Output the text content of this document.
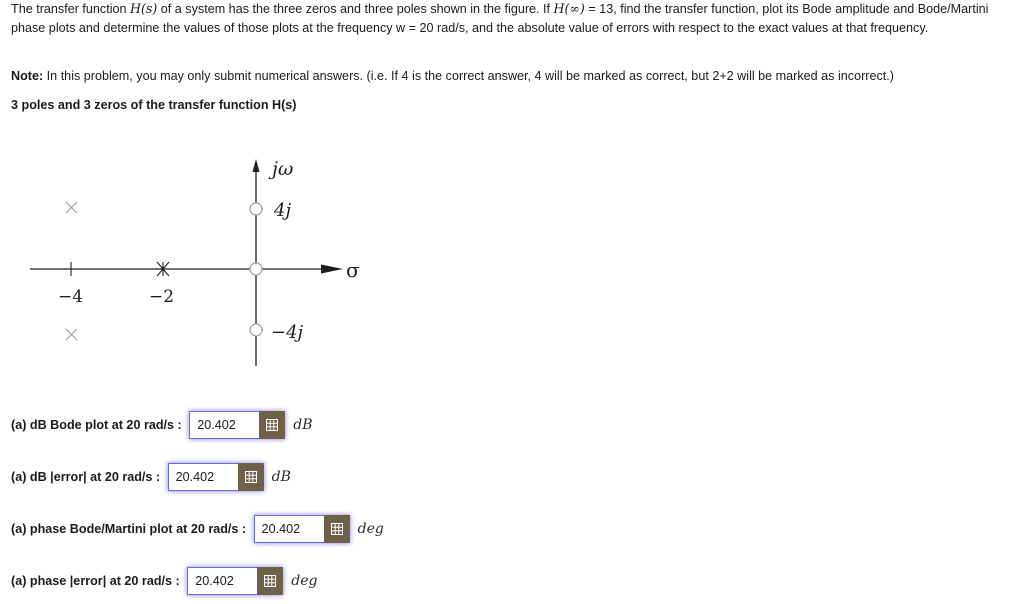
The transfer function H(s) of a system has the three zeros and three poles shown in the figure. If H(∞) = 13, find the transfer function, plot its Bode amplitude and Bode/Martini phase plots and determine the values of those plots at the frequency w = 20 rad/s, and the absolute value of errors with respect to the exact values at that frequency.
Note: In this problem, you may only submit numerical answers. (i.e. If 4 is the correct answer, 4 will be marked as correct, but 2+2 will be marked as incorrect.)
3 poles and 3 zeros of the transfer function H(s)
jω
4j
−4j
σ
−4	−2
(a) dB Bode plot at 20 rad/s :
20.402	dB
(a) dB |error| at 20 rad/s :
20.402	dB
(a) phase Bode/Martini plot at 20 rad/s :
20.402	deg
(a) phase |error| at 20 rad/s :
20.402	deg
